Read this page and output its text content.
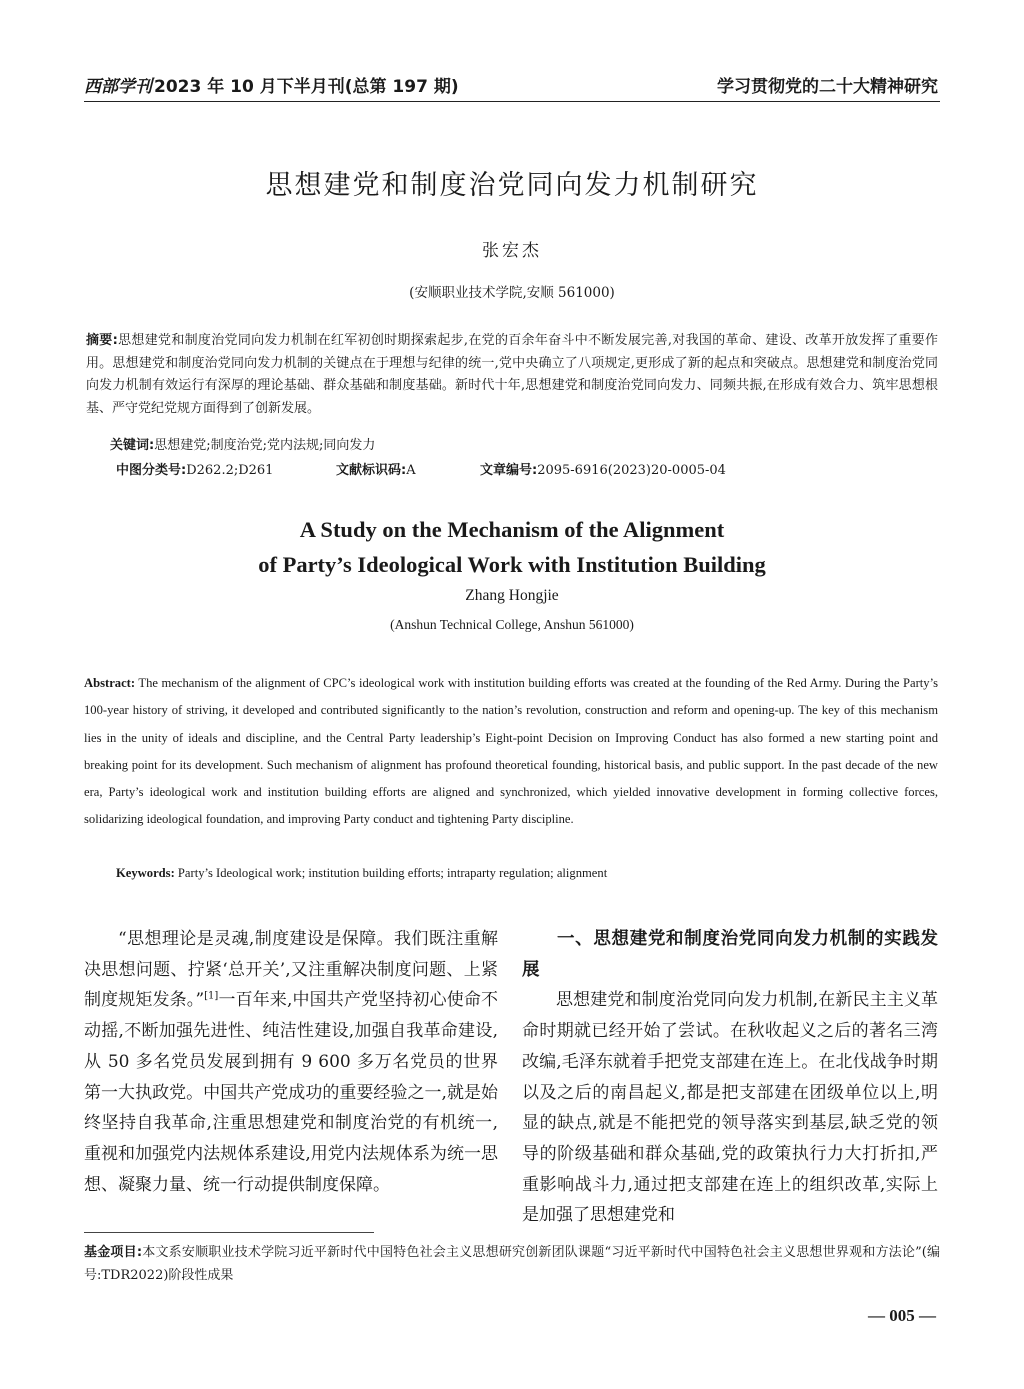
西部学刊 2023 年 10 月下半月刊(总第 197 期)	学习贯彻党的二十大精神研究
思想建党和制度治党同向发力机制研究
张宏杰
(安顺职业技术学院,安顺 561000)
摘要:思想建党和制度治党同向发力机制在红军初创时期探索起步,在党的百余年奋斗中不断发展完善,对我国的革命、建设、改革开放发挥了重要作用。思想建党和制度治党同向发力机制的关键点在于理想与纪律的统一,党中央确立了八项规定,更形成了新的起点和突破点。思想建党和制度治党同向发力机制有效运行有深厚的理论基础、群众基础和制度基础。新时代十年,思想建党和制度治党同向发力、同频共振,在形成有效合力、筑牢思想根基、严守党纪党规方面得到了创新发展。
关键词:思想建党;制度治党;党内法规;同向发力
中图分类号:D262.2;D261	文献标识码:A	文章编号:2095-6916(2023)20-0005-04
A Study on the Mechanism of the Alignment
of Party’s Ideological Work with Institution Building
Zhang Hongjie
(Anshun Technical College, Anshun 561000)
Abstract: The mechanism of the alignment of CPC’s ideological work with institution building efforts was created at the founding of the Red Army. During the Party’s 100-year history of striving, it developed and contributed significantly to the nation’s revolution, construction and reform and opening-up. The key of this mechanism lies in the unity of ideals and discipline, and the Central Party leadership’s Eight-point Decision on Improving Conduct has also formed a new starting point and breaking point for its development. Such mechanism of alignment has profound theoretical founding, historical basis, and public support. In the past decade of the new era, Party’s ideological work and institution building efforts are aligned and synchronized, which yielded innovative development in forming collective forces, solidarizing ideological foundation, and improving Party conduct and tightening Party discipline.
Keywords: Party’s Ideological work; institution building efforts; intraparty regulation; alignment

“思想理论是灵魂,制度建设是保障。我们既注重解决思想问题、拧紧‘总开关’,又注重解决制度问题、上紧制度规矩发条。”[1]一百年来,中国共产党坚持初心使命不动摇,不断加强先进性、纯洁性建设,加强自我革命建设,从 50 多名党员发展到拥有 9 600 多万名党员的世界第一大执政党。中国共产党成功的重要经验之一,就是始终坚持自我革命,注重思想建党和制度治党的有机统一,重视和加强党内法规体系建设,用党内法规体系为统一思想、凝聚力量、统一行动提供制度保障。

一、思想建党和制度治党同向发力机制的实践发展

思想建党和制度治党同向发力机制,在新民主主义革命时期就已经开始了尝试。在秋收起义之后的著名三湾改编,毛泽东就着手把党支部建在连上。在北伐战争时期以及之后的南昌起义,都是把支部建在团级单位以上,明显的缺点,就是不能把党的领导落实到基层,缺乏党的领导的阶级基础和群众基础,党的政策执行力大打折扣,严重影响战斗力,通过把支部建在连上的组织改革,实际上是加强了思想建党和

基金项目:本文系安顺职业技术学院习近平新时代中国特色社会主义思想研究创新团队课题“习近平新时代中国特色社会主义思想世界观和方法论”(编号:TDR2022)阶段性成果
— 005 —
